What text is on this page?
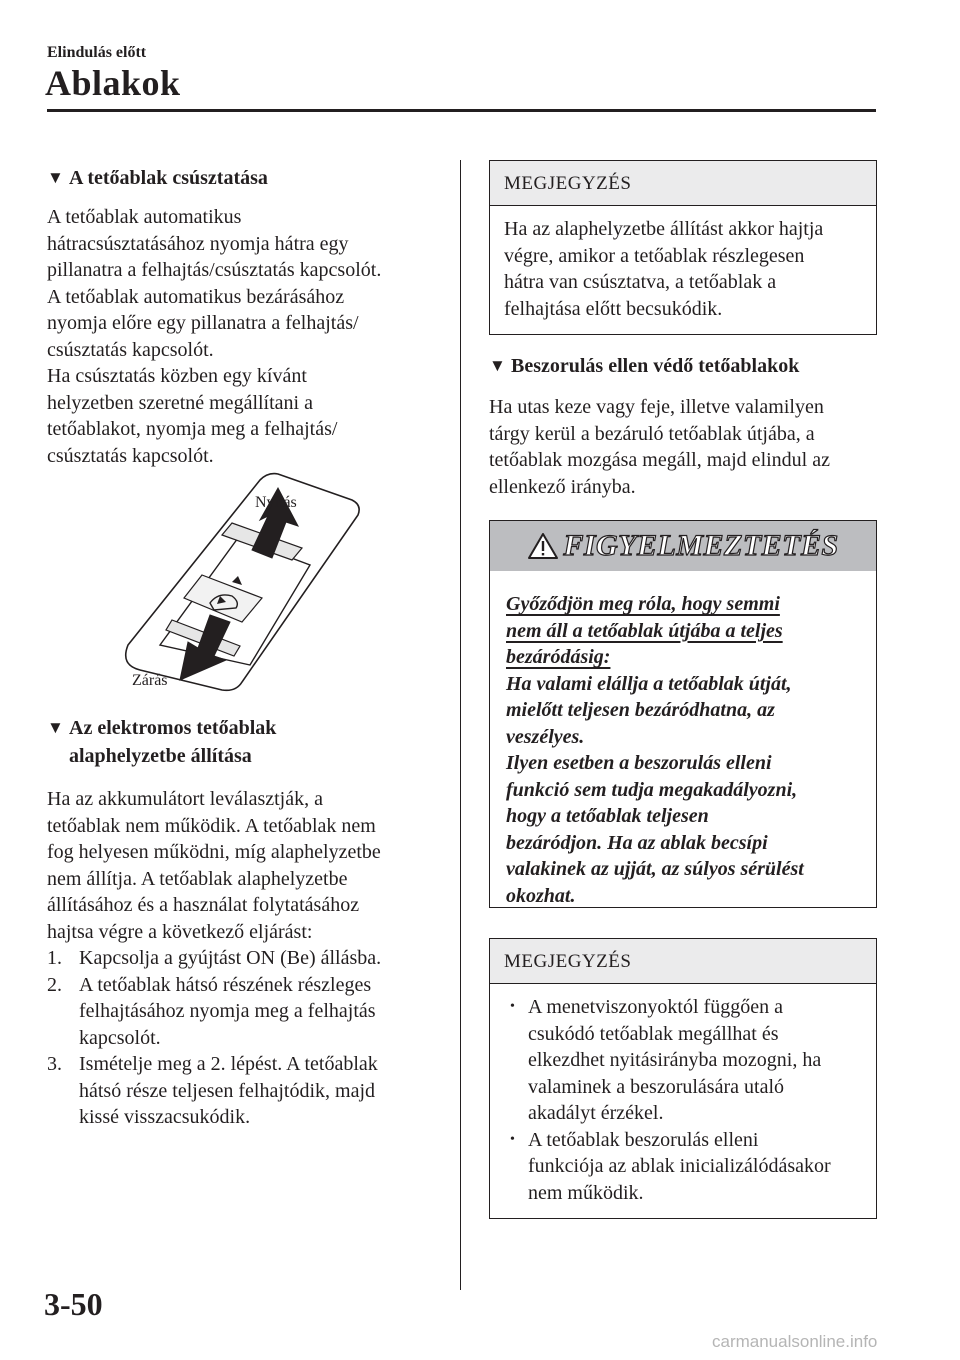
Elindulás előtt
Ablakok
▼ A tetőablak csúsztatása

A tetőablak automatikus

hátracsúsztatásához nyomja hátra egy

pillanatra a felhajtás/csúsztatás kapcsolót.

A tetőablak automatikus bezárásához

nyomja előre egy pillanatra a felhajtás/

csúsztatás kapcsolót.

Ha csúsztatás közben egy kívánt

helyzetben szeretné megállítani a

tetőablakot, nyomja meg a felhajtás/

csúsztatás kapcsolót.

Nyitás
Zárás
▼ Az elektromos tetőablak
alaphelyzetbe állítása

Ha az akkumulátort leválasztják, a

tetőablak nem működik. A tetőablak nem

fog helyesen működni, míg alaphelyzetbe

nem állítja. A tetőablak alaphelyzetbe

állításához és a használat folytatásához

hajtsa végre a következő eljárást:

1. Kapcsolja a gyújtást ON (Be) állásba.
2. A tetőablak hátsó részének részleges
felhajtásához nyomja meg a felhajtás
kapcsolót.
3. Ismételje meg a 2. lépést. A tetőablak
hátsó része teljesen felhajtódik, majd
kissé visszacsukódik.
MEGJEGYZÉS
Ha az alaphelyzetbe állítást akkor hajtja
végre, amikor a tetőablak részlegesen
hátra van csúsztatva, a tetőablak a
felhajtása előtt becsukódik.
▼ Beszorulás ellen védő tetőablakok

Ha utas keze vagy feje, illetve valamilyen

tárgy kerül a bezáruló tetőablak útjába, a

tetőablak mozgása megáll, majd elindul az

ellenkező irányba.

FIGYELMEZTETÉS
Győződjön meg róla, hogy semmi
nem áll a tetőablak útjába a teljes
bezáródásig:
Ha valami elállja a tetőablak útját,
mielőtt teljesen bezáródhatna, az
veszélyes.
Ilyen esetben a beszorulás elleni
funkció sem tudja megakadályozni,
hogy a tetőablak teljesen
bezáródjon. Ha az ablak becsípi
valakinek az ujját, az súlyos sérülést
okozhat.
MEGJEGYZÉS
• A menetviszonyoktól függően a
csukódó tetőablak megállhat és
elkezdhet nyitásirányba mozogni, ha
valaminek a beszorulására utaló
akadályt érzékel.
• A tetőablak beszorulás elleni
funkciója az ablak inicializálódásakor
nem működik.
3-50
carmanualsonline.info
